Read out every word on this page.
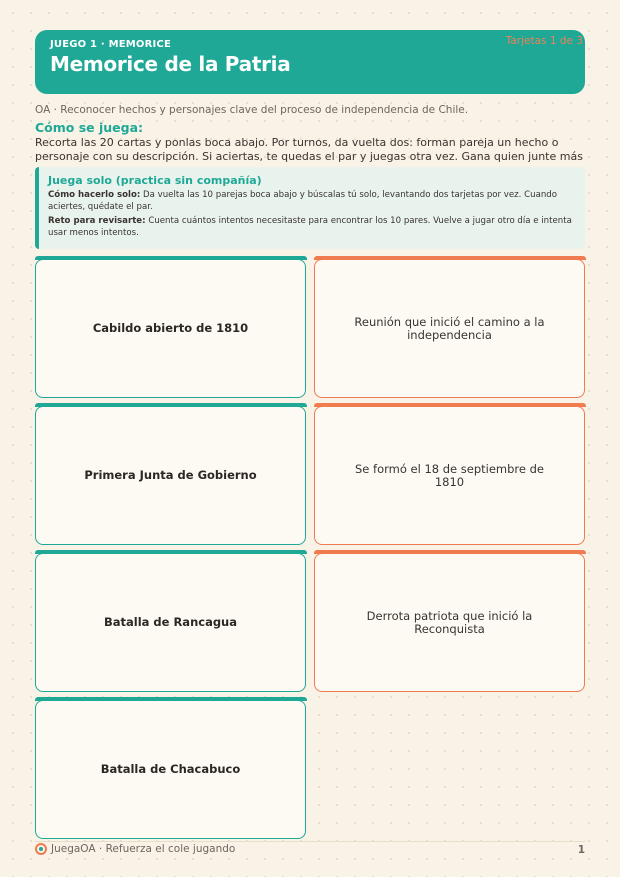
JUEGO 1 · MEMORICE
Memorice de la Patria
Tarjetas 1 de 3
OA · Reconocer hechos y personajes clave del proceso de independencia de Chile.
Cómo se juega:
Recorta las 20 cartas y ponlas boca abajo. Por turnos, da vuelta dos: forman pareja un hecho o personaje con su descripción. Si aciertas, te quedas el par y juegas otra vez. Gana quien junte más
Juega solo (practica sin compañía)

Cómo hacerlo solo: Da vuelta las 10 parejas boca abajo y búscalas tú solo, levantando dos tarjetas por vez. Cuando aciertes, quédate el par.

Reto para revisarte: Cuenta cuántos intentos necesitaste para encontrar los 10 pares. Vuelve a jugar otro día e intenta usar menos intentos.

Cabildo abierto de 1810	Reunión que inició el camino a la independencia
Primera Junta de Gobierno	Se formó el 18 de septiembre de 1810
Batalla de Rancagua	Derrota patriota que inició la Reconquista
Batalla de Chacabuco
JuegaOA · Refuerza el cole jugando	1
